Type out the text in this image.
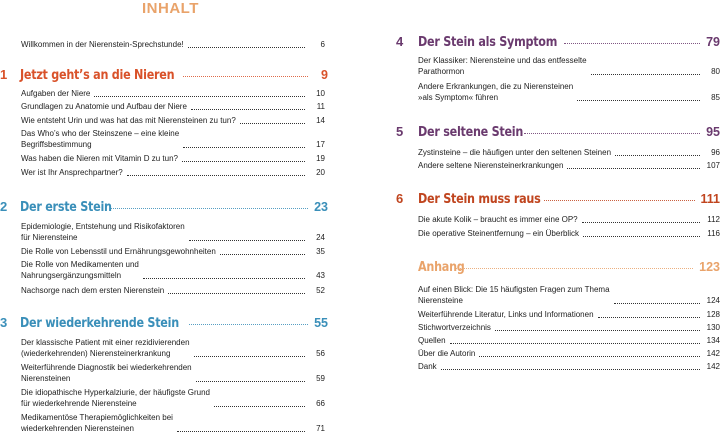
INHALT
Willkommen in der Nierenstein-Sprechstunde!	6
1 Jetzt geht’s an die Nieren	9
Aufgaben der Niere	10
Grundlagen zu Anatomie und Aufbau der Niere	11
Wie entsteht Urin und was hat das mit Nierensteinen zu tun?	14
Das Who’s who der Steinszene – eine kleine
Begriffsbestimmung	17
Was haben die Nieren mit Vitamin D zu tun?	19
Wer ist Ihr Ansprechpartner?	20
2 Der erste Stein	23
Epidemiologie, Entstehung und Risikofaktoren
für Nierensteine	24
Die Rolle von Lebensstil und Ernährungsgewohnheiten	35
Die Rolle von Medikamenten und
Nahrungsergänzungsmitteln	43
Nachsorge nach dem ersten Nierenstein	52
3 Der wiederkehrende Stein	55
Der klassische Patient mit einer rezidivierenden
(wiederkehrenden) Nierensteinerkrankung	56
Weiterführende Diagnostik bei wiederkehrenden
Nierensteinen	59
Die idiopathische Hyperkalziurie, der häufigste Grund
für wiederkehrende Nierensteine	66
Medikamentöse Therapiemöglichkeiten bei
wiederkehrenden Nierensteinen	71
4	Der Stein als Symptom	79
Der Klassiker: Nierensteine und das entfesselte
Parathormon	80
Andere Erkrankungen, die zu Nierensteinen
»als Symptom« führen	85
5	Der seltene Stein	95
Zystinsteine – die häufigen unter den seltenen Steinen	96
Andere seltene Nierensteinerkrankungen	107
6	Der Stein muss raus	111
Die akute Kolik – braucht es immer eine OP?	112
Die operative Steinentfernung – ein Überblick	116
Anhang	123
Auf einen Blick: Die 15 häufigsten Fragen zum Thema
Nierensteine	124
Weiterführende Literatur, Links und Informationen	128
Stichwortverzeichnis	130
Quellen	134
Über die Autorin	142
Dank	142
